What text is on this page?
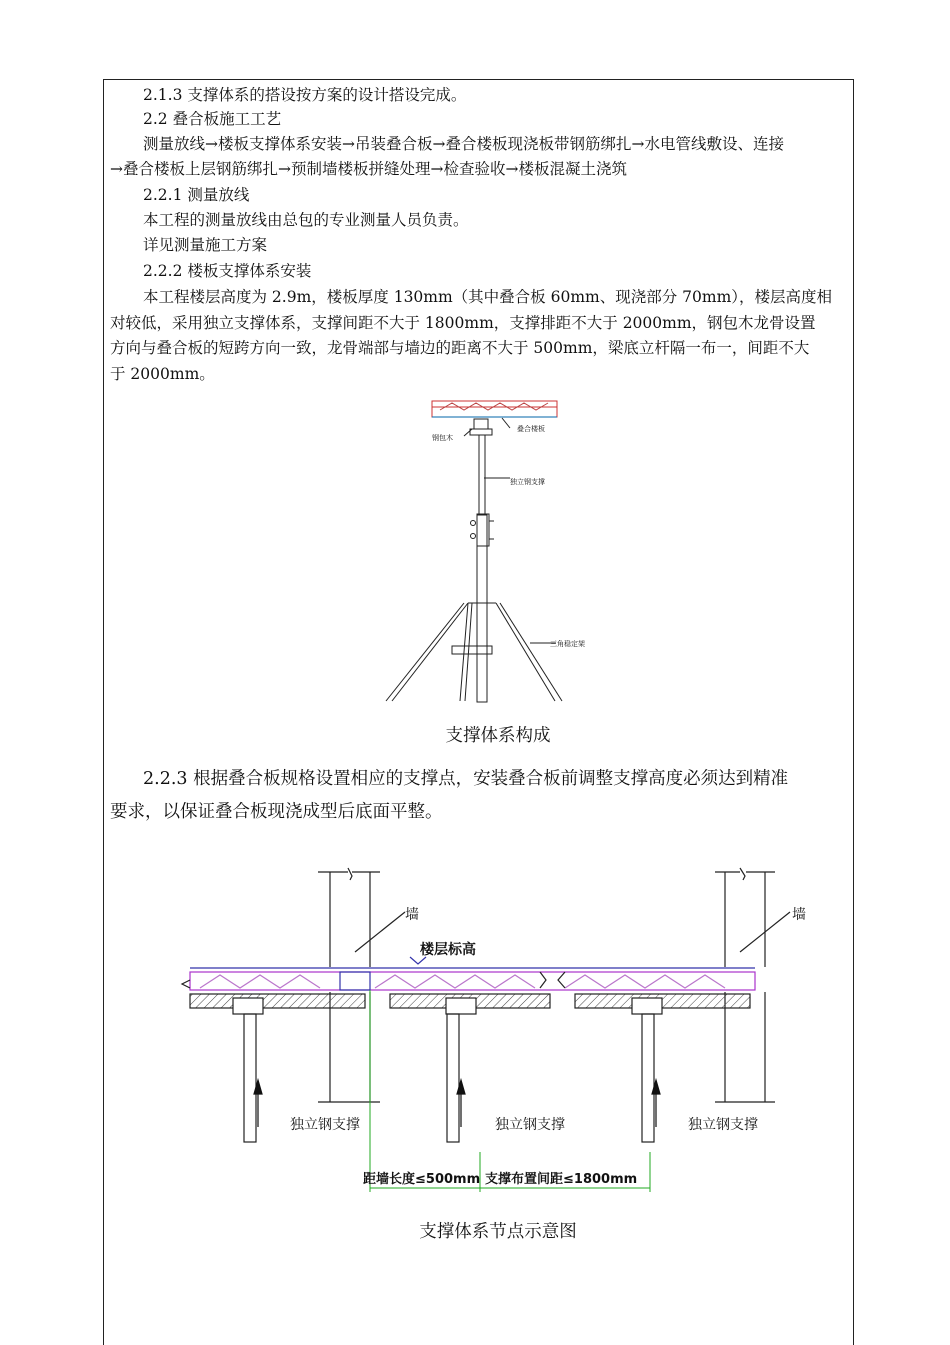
2.1.3 支撑体系的搭设按方案的设计搭设完成。
2.2 叠合板施工工艺
测量放线→楼板支撑体系安装→吊装叠合板→叠合楼板现浇板带钢筋绑扎→水电管线敷设、连接
→叠合楼板上层钢筋绑扎→预制墙楼板拼缝处理→检查验收→楼板混凝土浇筑
2.2.1 测量放线
本工程的测量放线由总包的专业测量人员负责。
详见测量施工方案
2.2.2 楼板支撑体系安装
本工程楼层高度为 2.9m，楼板厚度 130mm（其中叠合板 60mm、现浇部分 70mm），楼层高度相
对较低，采用独立支撑体系，支撑间距不大于 1800mm，支撑排距不大于 2000mm，钢包木龙骨设置
方向与叠合板的短跨方向一致，龙骨端部与墙边的距离不大于 500mm，梁底立杆隔一布一，间距不大
于 2000mm。
钢包木
叠合楼板
独立钢支撑
三角稳定架
支撑体系构成
2.2.3 根据叠合板规格设置相应的支撑点，安装叠合板前调整支撑高度必须达到精准
要求，以保证叠合板现浇成型后底面平整。
墙	墙
楼层标高
独立钢支撑	独立钢支撑	独立钢支撑
距墙长度≤500mm 支撑布置间距≤1800mm
支撑体系节点示意图
